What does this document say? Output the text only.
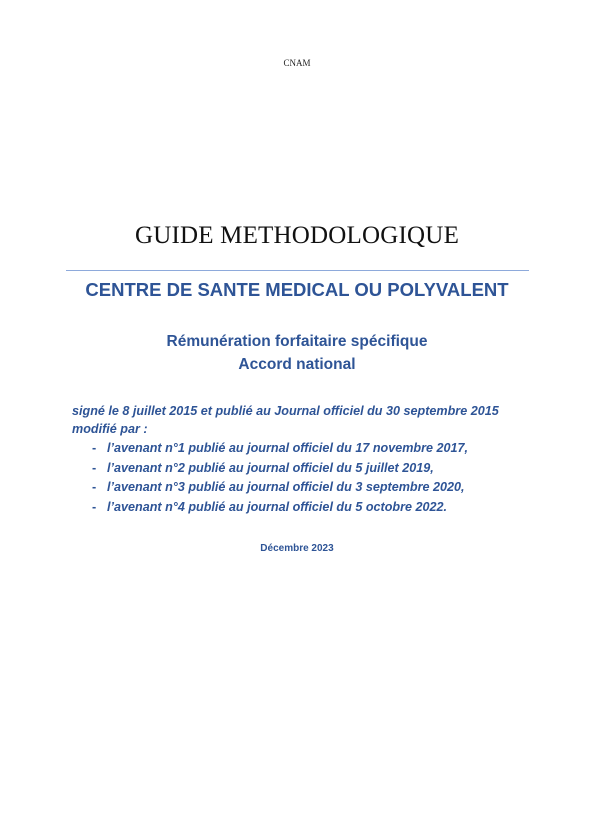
CNAM
GUIDE METHODOLOGIQUE
CENTRE DE SANTE MEDICAL OU POLYVALENT
Rémunération forfaitaire spécifique
Accord national
signé le 8 juillet 2015 et publié au Journal officiel du 30 septembre 2015 modifié par :
- l’avenant n°1 publié au journal officiel du 17 novembre 2017,
- l’avenant n°2 publié au journal officiel du 5 juillet 2019,
- l’avenant n°3 publié au journal officiel du 3 septembre 2020,
- l’avenant n°4 publié au journal officiel du 5 octobre 2022.
Décembre 2023
